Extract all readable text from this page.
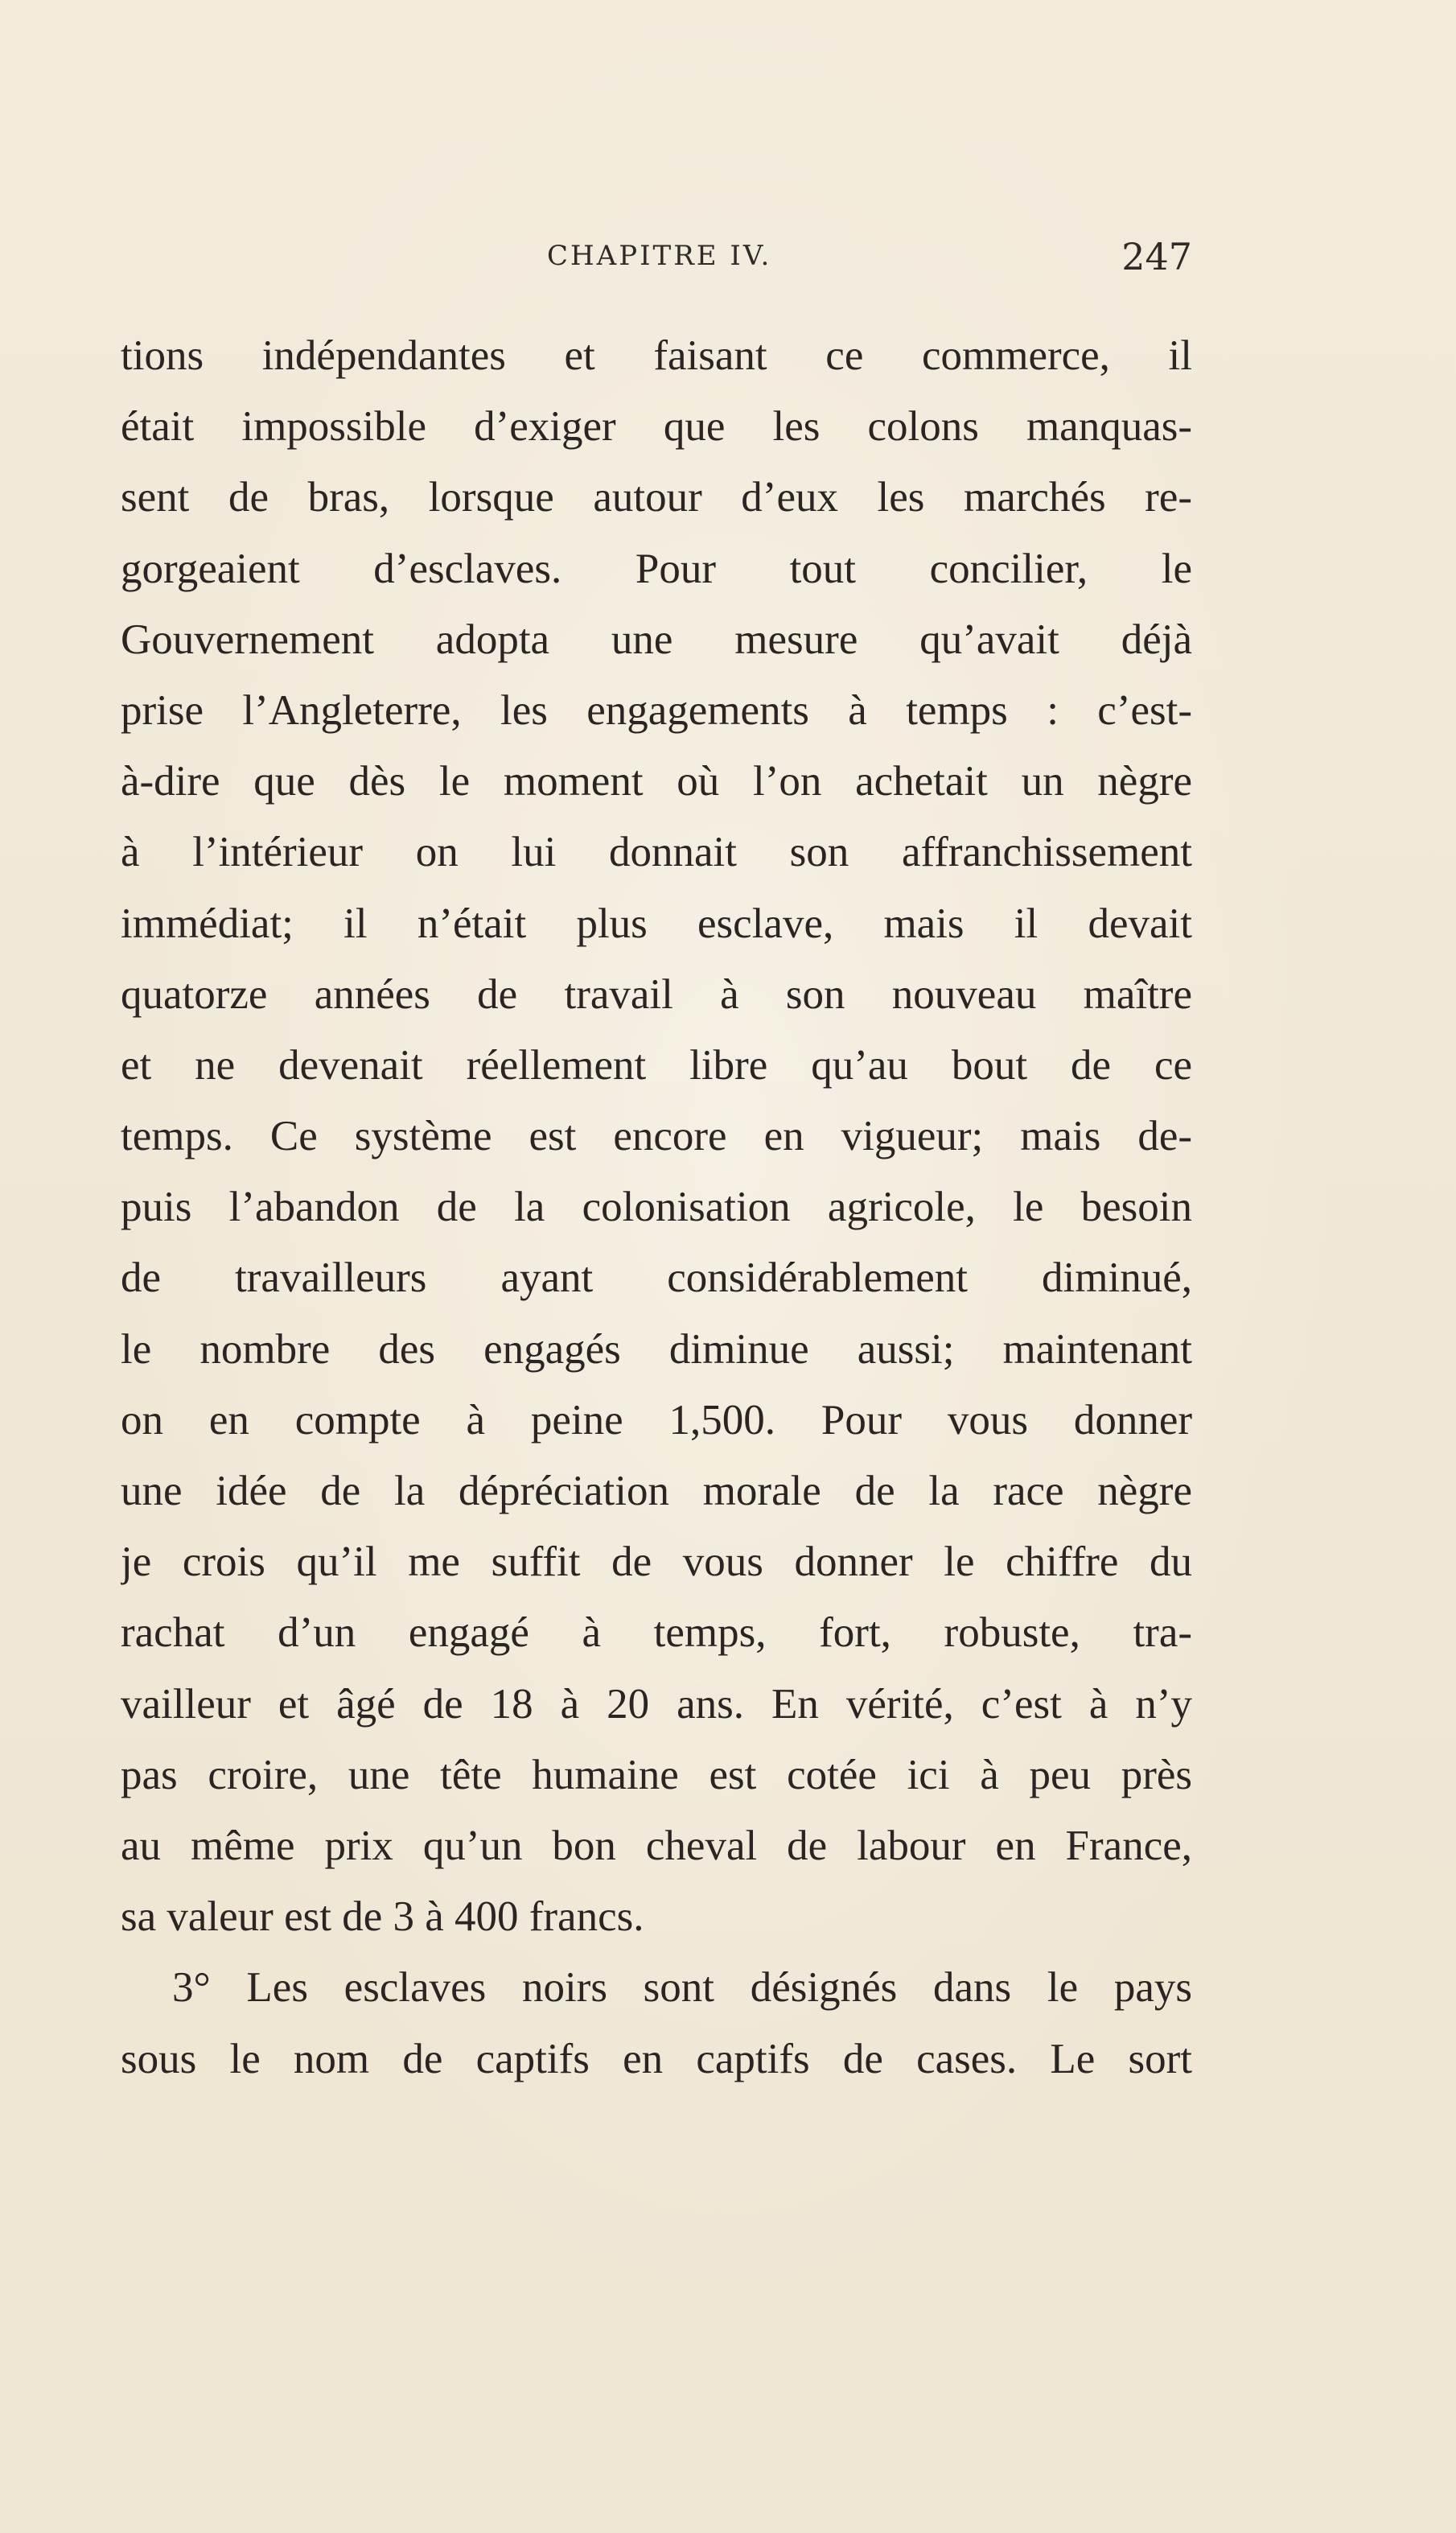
CHAPITRE IV.	247
tions indépendantes et faisant ce commerce, il
était impossible d’exiger que les colons manquas-
sent de bras, lorsque autour d’eux les marchés re-
gorgeaient d’esclaves. Pour tout concilier, le
Gouvernement adopta une mesure qu’avait déjà
prise l’Angleterre, les engagements à temps : c’est-
à-dire que dès le moment où l’on achetait un nègre
à l’intérieur on lui donnait son affranchissement
immédiat; il n’était plus esclave, mais il devait
quatorze années de travail à son nouveau maître
et ne devenait réellement libre qu’au bout de ce
temps. Ce système est encore en vigueur; mais de-
puis l’abandon de la colonisation agricole, le besoin
de travailleurs ayant considérablement diminué,
le nombre des engagés diminue aussi; maintenant
on en compte à peine 1,500. Pour vous donner
une idée de la dépréciation morale de la race nègre
je crois qu’il me suffit de vous donner le chiffre du
rachat d’un engagé à temps, fort, robuste, tra-
vailleur et âgé de 18 à 20 ans. En vérité, c’est à n’y
pas croire, une tête humaine est cotée ici à peu près
au même prix qu’un bon cheval de labour en France,
sa valeur est de 3 à 400 francs.
3° Les esclaves noirs sont désignés dans le pays
sous le nom de captifs en captifs de cases. Le sort
